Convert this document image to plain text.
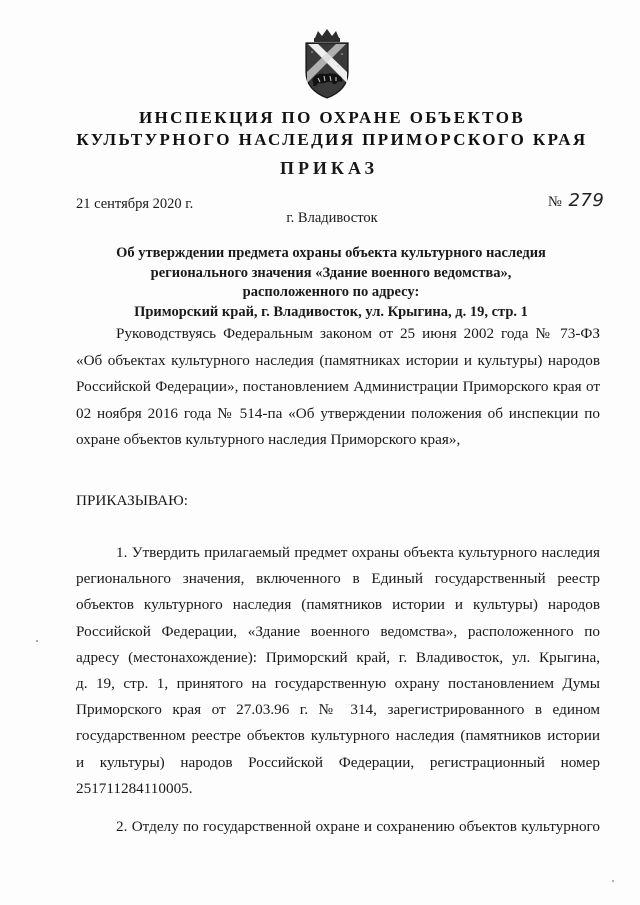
ИНСПЕКЦИЯ ПО ОХРАНЕ ОБЪЕКТОВ
КУЛЬТУРНОГО НАСЛЕДИЯ ПРИМОРСКОГО КРАЯ
ПРИКАЗ
21 сентября 2020 г.	№ 279
г. Владивосток
Об утверждении предмета охраны объекта культурного наследия
регионального значения «Здание военного ведомства»,
расположенного по адресу:
Приморский край, г. Владивосток, ул. Крыгина, д. 19, стр. 1
Руководствуясь Федеральным законом от 25 июня 2002 года № 73-ФЗ
«Об объектах культурного наследия (памятниках истории и культуры) народов
Российской Федерации», постановлением Администрации Приморского края от
02 ноября 2016 года № 514-па «Об утверждении положения об инспекции по
охране объектов культурного наследия Приморского края»,
ПРИКАЗЫВАЮ:
1. Утвердить прилагаемый предмет охраны объекта культурного наследия
регионального значения, включенного в Единый государственный реестр
объектов культурного наследия (памятников истории и культуры) народов
Российской Федерации, «Здание военного ведомства», расположенного по
адресу (местонахождение): Приморский край, г. Владивосток, ул. Крыгина,
д. 19, стр. 1, принятого на государственную охрану постановлением Думы
Приморского края от 27.03.96 г. № 314, зарегистрированного в едином
государственном реестре объектов культурного наследия (памятников истории
и культуры) народов Российской Федерации, регистрационный номер
251711284110005.
2. Отделу по государственной охране и сохранению объектов культурного
